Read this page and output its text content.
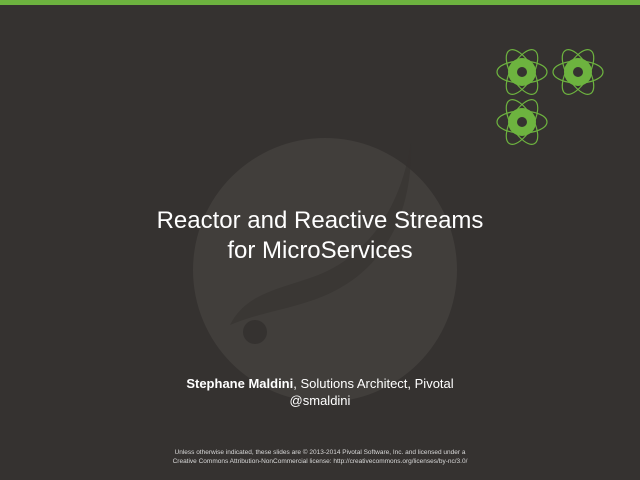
Reactor and Reactive Streams
for MicroServices
Stephane Maldini, Solutions Architect, Pivotal
@smaldini
Unless otherwise indicated, these slides are © 2013-2014 Pivotal Software, Inc. and licensed under a
Creative Commons Attribution-NonCommercial license: http://creativecommons.org/licenses/by-nc/3.0/
